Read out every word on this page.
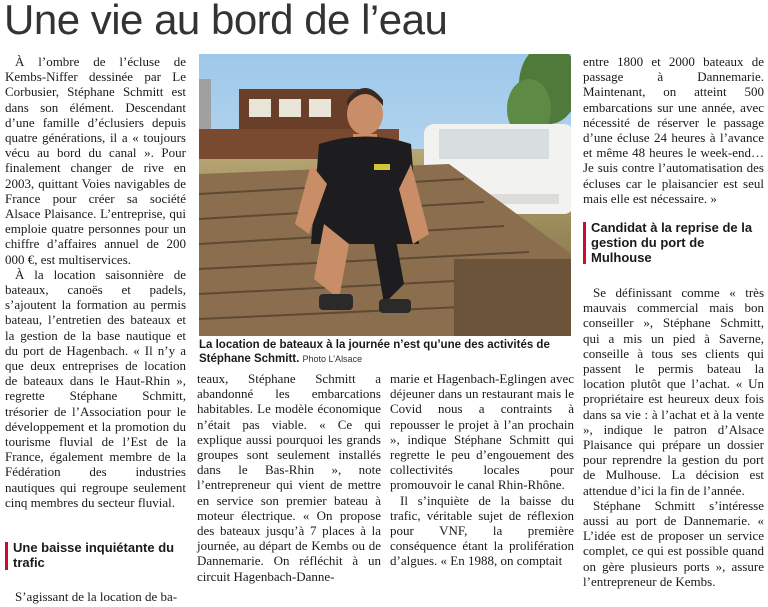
Une vie au bord de l’eau

À l’ombre de l’écluse de Kembs-Niffer dessinée par Le Corbusier, Stéphane Schmitt est dans son élément. Descendant d’une famille d’éclusiers depuis quatre générations, il a « toujours vécu au bord du canal ». Pour finalement changer de rive en 2003, quittant Voies navigables de France pour créer sa société Alsace Plaisance. L’entreprise, qui emploie quatre personnes pour un chiffre d’affaires annuel de 200 000 €, est multiservices.

À la location saisonnière de bateaux, canoës et padels, s’ajoutent la formation au permis bateau, l’entretien des bateaux et la gestion de la base nautique et du port de Hagenbach. « Il n’y a que deux entreprises de location de bateaux dans le Haut-Rhin », regrette Stéphane Schmitt, trésorier de l’Association pour le développement et la promotion du tourisme fluvial de l’Est de la France, également membre de la Fédération des industries nautiques qui regroupe seulement cinq membres du secteur fluvial.

Une baisse inquiétante du trafic

S’agissant de la location de ba-

La location de bateaux à la journée n’est qu’une des activités de Stéphane Schmitt. Photo L’Alsace

teaux, Stéphane Schmitt a abandonné les embarcations habitables. Le modèle économique n’était pas viable. « Ce qui explique aussi pourquoi les grands groupes sont seulement installés dans le Bas-Rhin », note l’entrepreneur qui vient de mettre en service son premier bateau à moteur électrique. « On propose des bateaux jusqu’à 7 places à la journée, au départ de Kembs ou de Dannemarie. On réfléchit à un circuit Hagenbach-Danne-

marie et Hagenbach-Eglingen avec déjeuner dans un restaurant mais le Covid nous a contraints à repousser le projet à l’an prochain », indique Stéphane Schmitt qui regrette le peu d’engouement des collectivités locales pour promouvoir le canal Rhin-Rhône.

Il s’inquiète de la baisse du trafic, véritable sujet de réflexion pour VNF, la première conséquence étant la prolifération d’algues. « En 1988, on comptait

entre 1800 et 2000 bateaux de passage à Dannemarie. Maintenant, on atteint 500 embarcations sur une année, avec nécessité de réserver le passage d’une écluse 24 heures à l’avance et même 48 heures le week-end… Je suis contre l’automatisation des écluses car le plaisancier est seul mais elle est nécessaire. »

Candidat à la reprise de la gestion du port de Mulhouse

Se définissant comme « très mauvais commercial mais bon conseiller », Stéphane Schmitt, qui a mis un pied à Saverne, conseille à tous ses clients qui passent le permis bateau la location plutôt que l’achat. « Un propriétaire est heureux deux fois dans sa vie : à l’achat et à la vente », indique le patron d’Alsace Plaisance qui prépare un dossier pour reprendre la gestion du port de Mulhouse. La décision est attendue d’ici la fin de l’année.

Stéphane Schmitt s’intéresse aussi au port de Dannemarie. « L’idée est de proposer un service complet, ce qui est possible quand on gère plusieurs ports », assure l’entrepreneur de Kembs.
